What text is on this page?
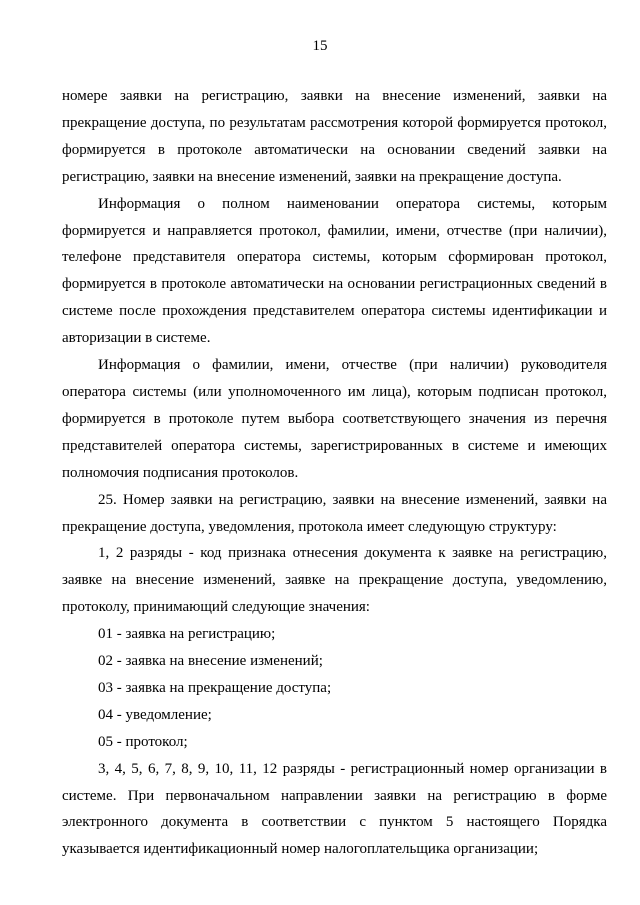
15

номере заявки на регистрацию, заявки на внесение изменений, заявки на прекращение доступа, по результатам рассмотрения которой формируется протокол, формируется в протоколе автоматически на основании сведений заявки на регистрацию, заявки на внесение изменений, заявки на прекращение доступа.

Информация о полном наименовании оператора системы, которым формируется и направляется протокол, фамилии, имени, отчестве (при наличии), телефоне представителя оператора системы, которым сформирован протокол, формируется в протоколе автоматически на основании регистрационных сведений в системе после прохождения представителем оператора системы идентификации и авторизации в системе.

Информация о фамилии, имени, отчестве (при наличии) руководителя оператора системы (или уполномоченного им лица), которым подписан протокол, формируется в протоколе путем выбора соответствующего значения из перечня представителей оператора системы, зарегистрированных в системе и имеющих полномочия подписания протоколов.

25. Номер заявки на регистрацию, заявки на внесение изменений, заявки на прекращение доступа, уведомления, протокола имеет следующую структуру:

1, 2 разряды - код признака отнесения документа к заявке на регистрацию, заявке на внесение изменений, заявке на прекращение доступа, уведомлению, протоколу, принимающий следующие значения:

01 - заявка на регистрацию;

02 - заявка на внесение изменений;

03 - заявка на прекращение доступа;

04 - уведомление;

05 - протокол;

3, 4, 5, 6, 7, 8, 9, 10, 11, 12 разряды - регистрационный номер организации в системе. При первоначальном направлении заявки на регистрацию в форме электронного документа в соответствии с пунктом 5 настоящего Порядка указывается идентификационный номер налогоплательщика организации;
